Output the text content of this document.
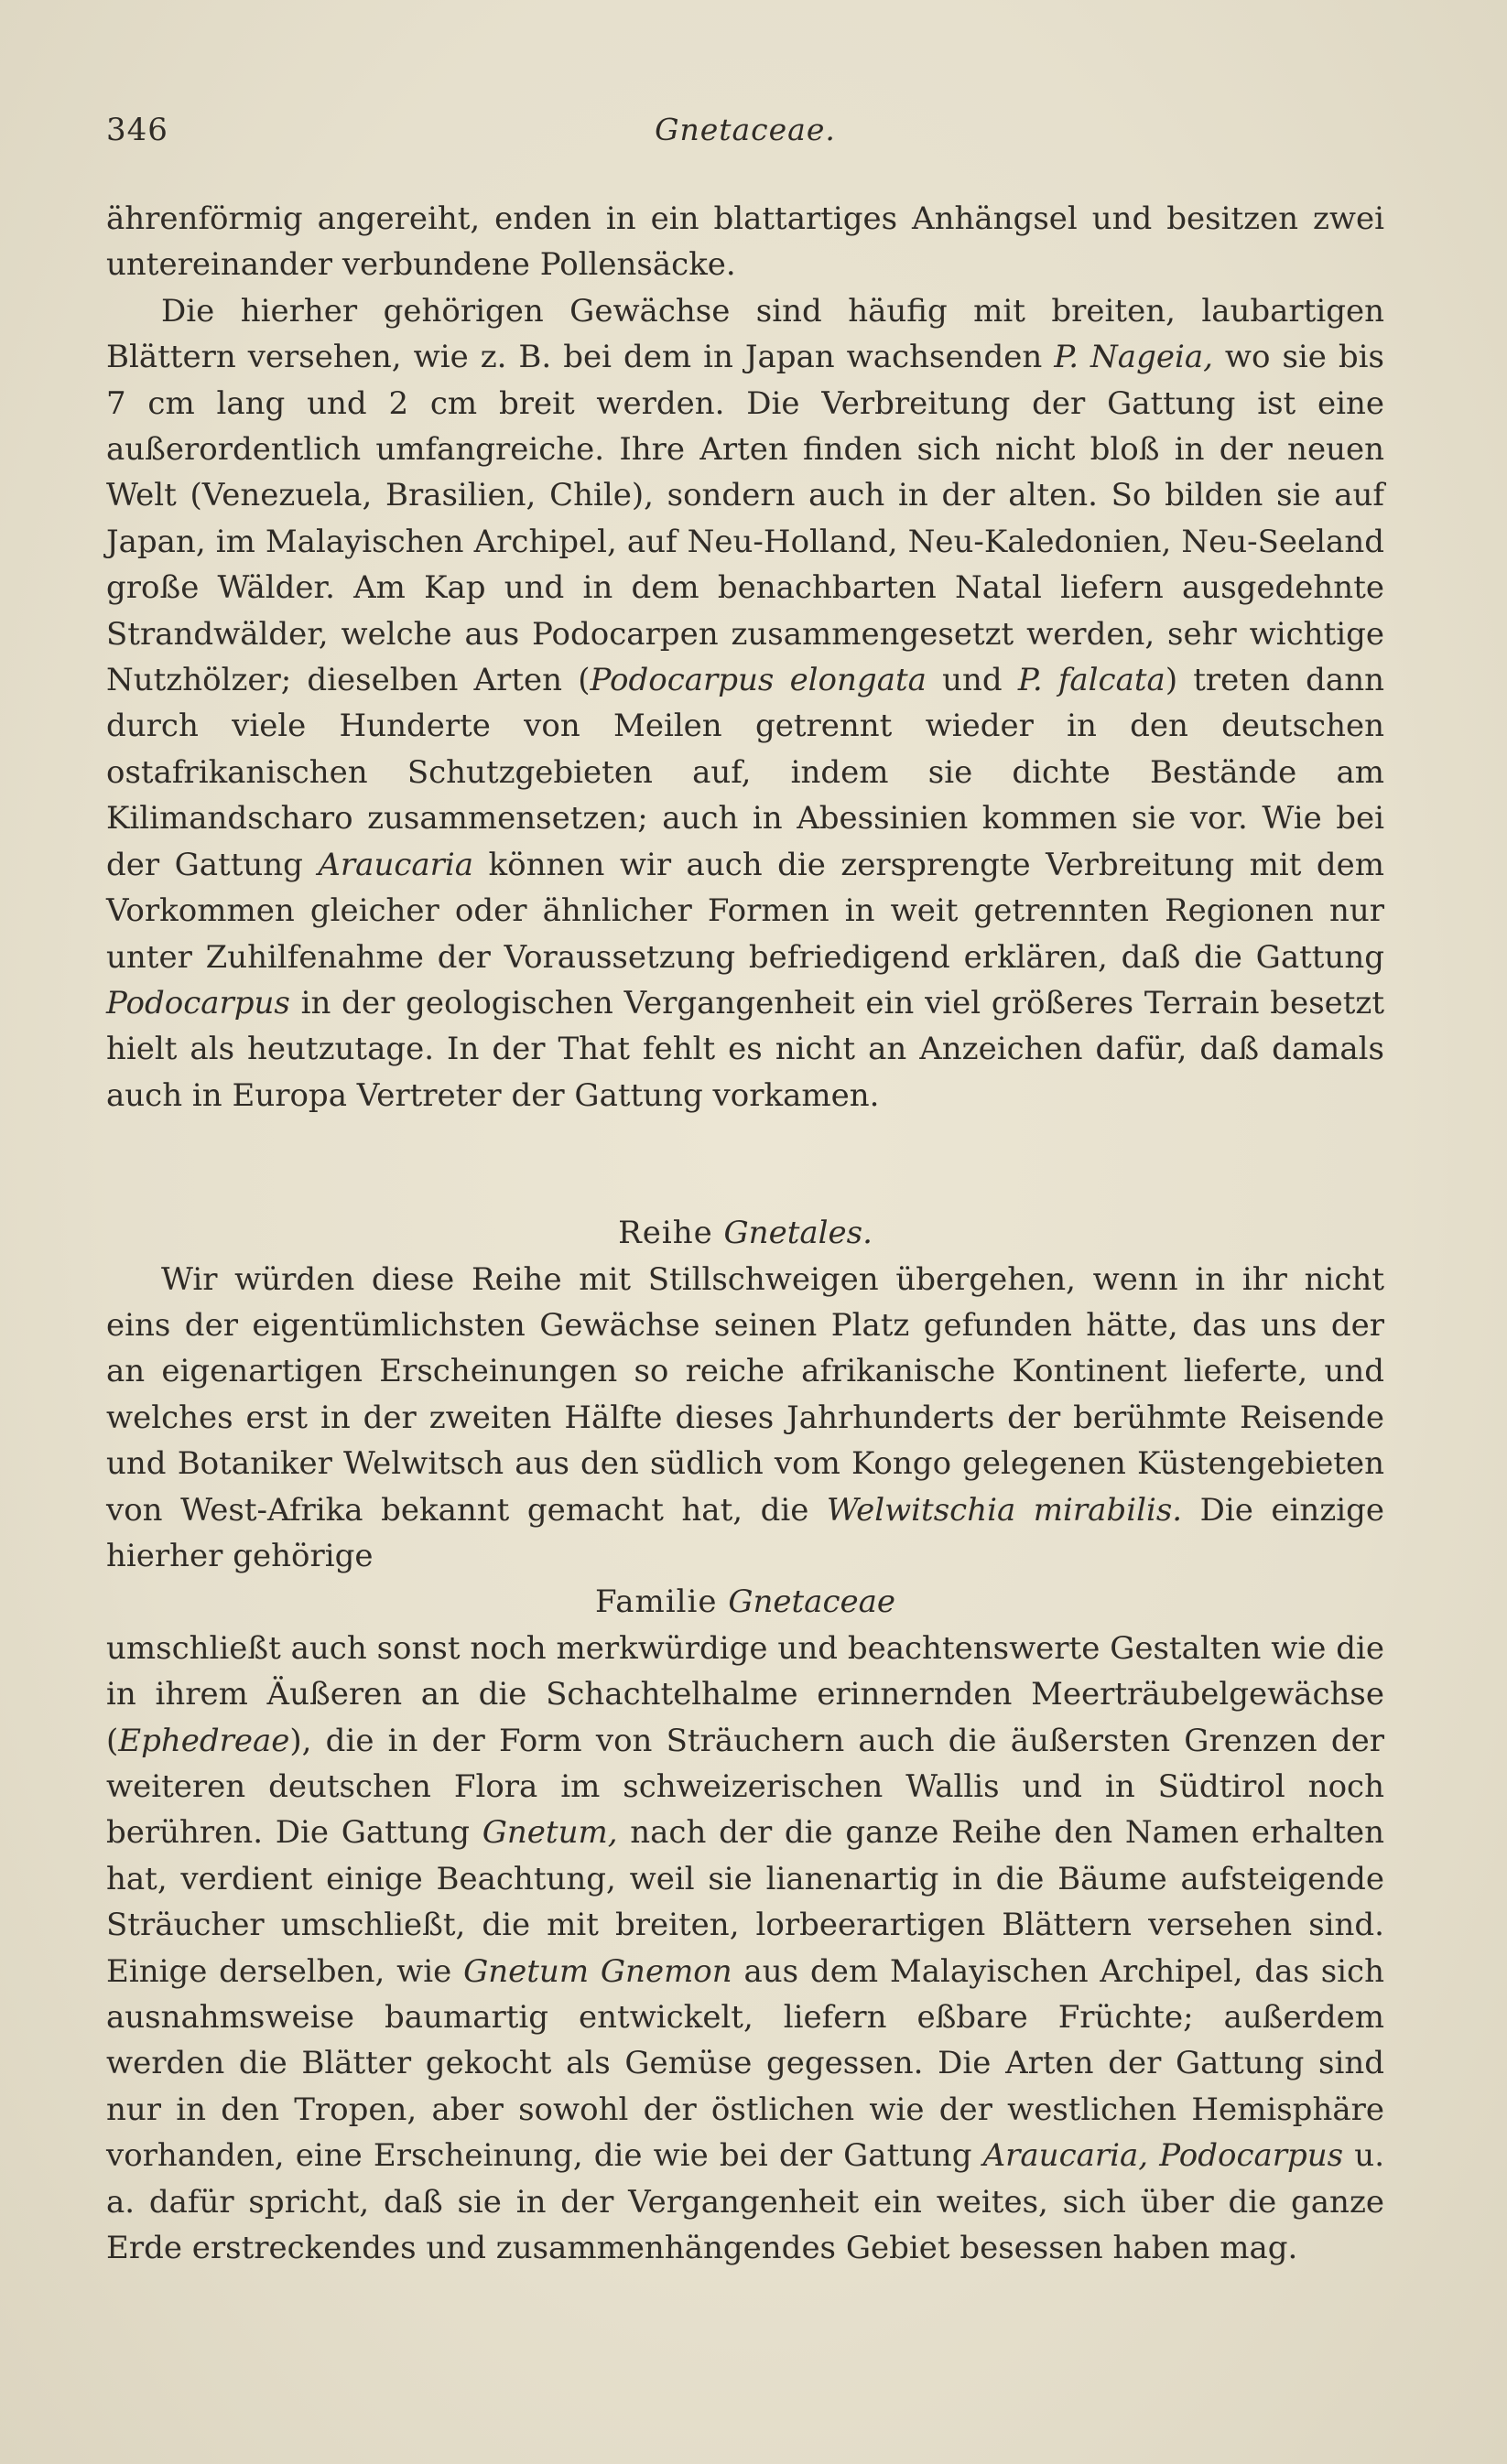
346	Gnetaceae.

ährenförmig angereiht, enden in ein blattartiges Anhängsel und besitzen zwei untereinander verbundene Pollensäcke.

Die hierher gehörigen Gewächse sind häufig mit breiten, laubartigen Blättern versehen, wie z. B. bei dem in Japan wachsenden P. Nageia, wo sie bis 7 cm lang und 2 cm breit werden. Die Verbreitung der Gattung ist eine außerordentlich umfangreiche. Ihre Arten finden sich nicht bloß in der neuen Welt (Venezuela, Brasilien, Chile), sondern auch in der alten. So bilden sie auf Japan, im Malayischen Archipel, auf Neu-Holland, Neu-Kaledonien, Neu-Seeland große Wälder. Am Kap und in dem benachbarten Natal liefern ausgedehnte Strandwälder, welche aus Podocarpen zusammengesetzt werden, sehr wichtige Nutzhölzer; dieselben Arten (Podocarpus elongata und P. falcata) treten dann durch viele Hunderte von Meilen getrennt wieder in den deutschen ostafrikanischen Schutzgebieten auf, indem sie dichte Bestände am Kilimandscharo zusammensetzen; auch in Abessinien kommen sie vor. Wie bei der Gattung Araucaria können wir auch die zersprengte Verbreitung mit dem Vorkommen gleicher oder ähnlicher Formen in weit getrennten Regionen nur unter Zuhilfenahme der Voraussetzung befriedigend erklären, daß die Gattung Podocarpus in der geologischen Vergangenheit ein viel größeres Terrain besetzt hielt als heutzutage. In der That fehlt es nicht an Anzeichen dafür, daß damals auch in Europa Vertreter der Gattung vorkamen.

Reihe Gnetales.

Wir würden diese Reihe mit Stillschweigen übergehen, wenn in ihr nicht eins der eigentümlichsten Gewächse seinen Platz gefunden hätte, das uns der an eigenartigen Erscheinungen so reiche afrikanische Kontinent lieferte, und welches erst in der zweiten Hälfte dieses Jahrhunderts der berühmte Reisende und Botaniker Welwitsch aus den südlich vom Kongo gelegenen Küstengebieten von West-Afrika bekannt gemacht hat, die Welwitschia mirabilis. Die einzige hierher gehörige

Familie Gnetaceae

umschließt auch sonst noch merkwürdige und beachtenswerte Gestalten wie die in ihrem Äußeren an die Schachtelhalme erinnernden Meerträubelgewächse (Ephedreae), die in der Form von Sträuchern auch die äußersten Grenzen der weiteren deutschen Flora im schweizerischen Wallis und in Südtirol noch berühren. Die Gattung Gnetum, nach der die ganze Reihe den Namen erhalten hat, verdient einige Beachtung, weil sie lianenartig in die Bäume aufsteigende Sträucher umschließt, die mit breiten, lorbeerartigen Blättern versehen sind. Einige derselben, wie Gnetum Gnemon aus dem Malayischen Archipel, das sich ausnahmsweise baumartig entwickelt, liefern eßbare Früchte; außerdem werden die Blätter gekocht als Gemüse gegessen. Die Arten der Gattung sind nur in den Tropen, aber sowohl der östlichen wie der westlichen Hemisphäre vorhanden, eine Erscheinung, die wie bei der Gattung Araucaria, Podocarpus u. a. dafür spricht, daß sie in der Vergangenheit ein weites, sich über die ganze Erde erstreckendes und zusammenhängendes Gebiet besessen haben mag.
